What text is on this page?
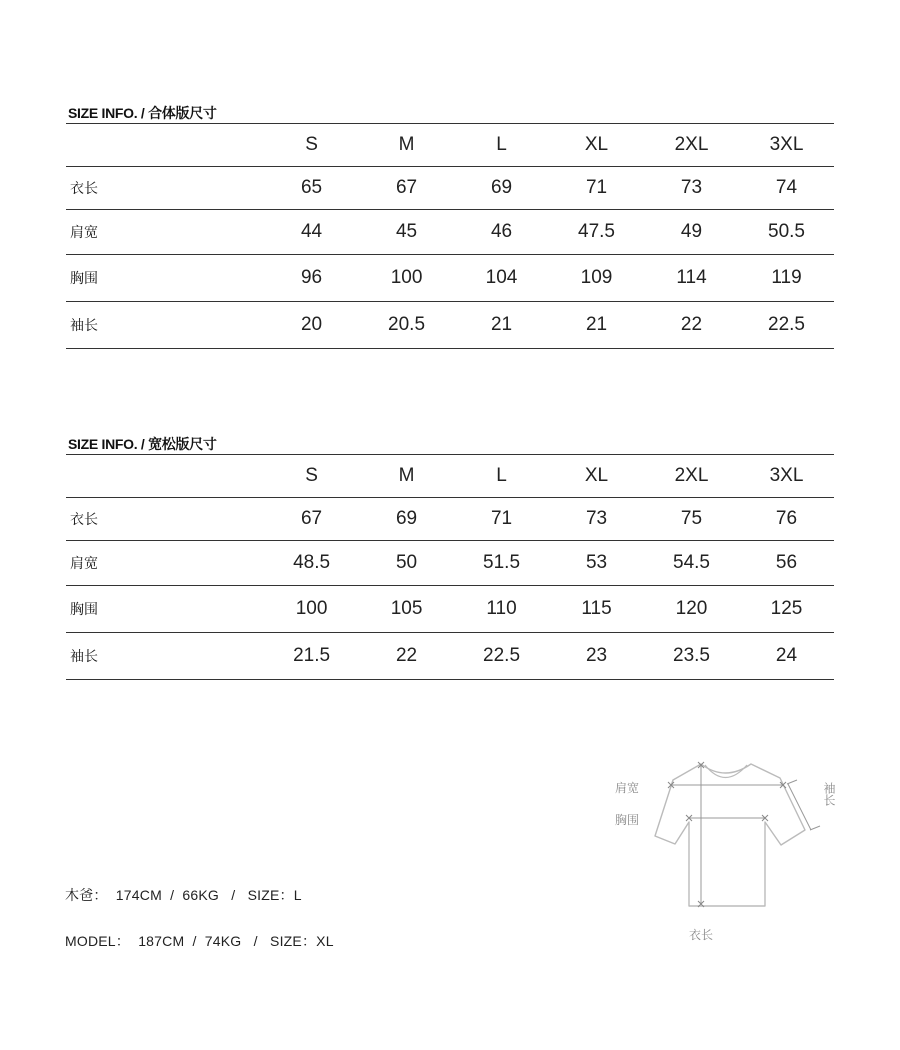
SIZE INFO. / 合体版尺寸
	S	M	L	XL	2XL	3XL
衣长	65	67	69	71	73	74
肩宽	44	45	46	47.5	49	50.5
胸围	96	100	104	109	114	119
袖长	20	20.5	21	21	22	22.5
SIZE INFO. / 宽松版尺寸
	S	M	L	XL	2XL	3XL
衣长	67	69	71	73	75	76
肩宽	48.5	50	51.5	53	54.5	56
胸围	100	105	110	115	120	125
袖长	21.5	22	22.5	23	23.5	24
木爸： 174CM  /  66KG   /   SIZE：L
MODEL： 187CM  /  74KG   /   SIZE：XL
肩宽
胸围
袖长
衣长
